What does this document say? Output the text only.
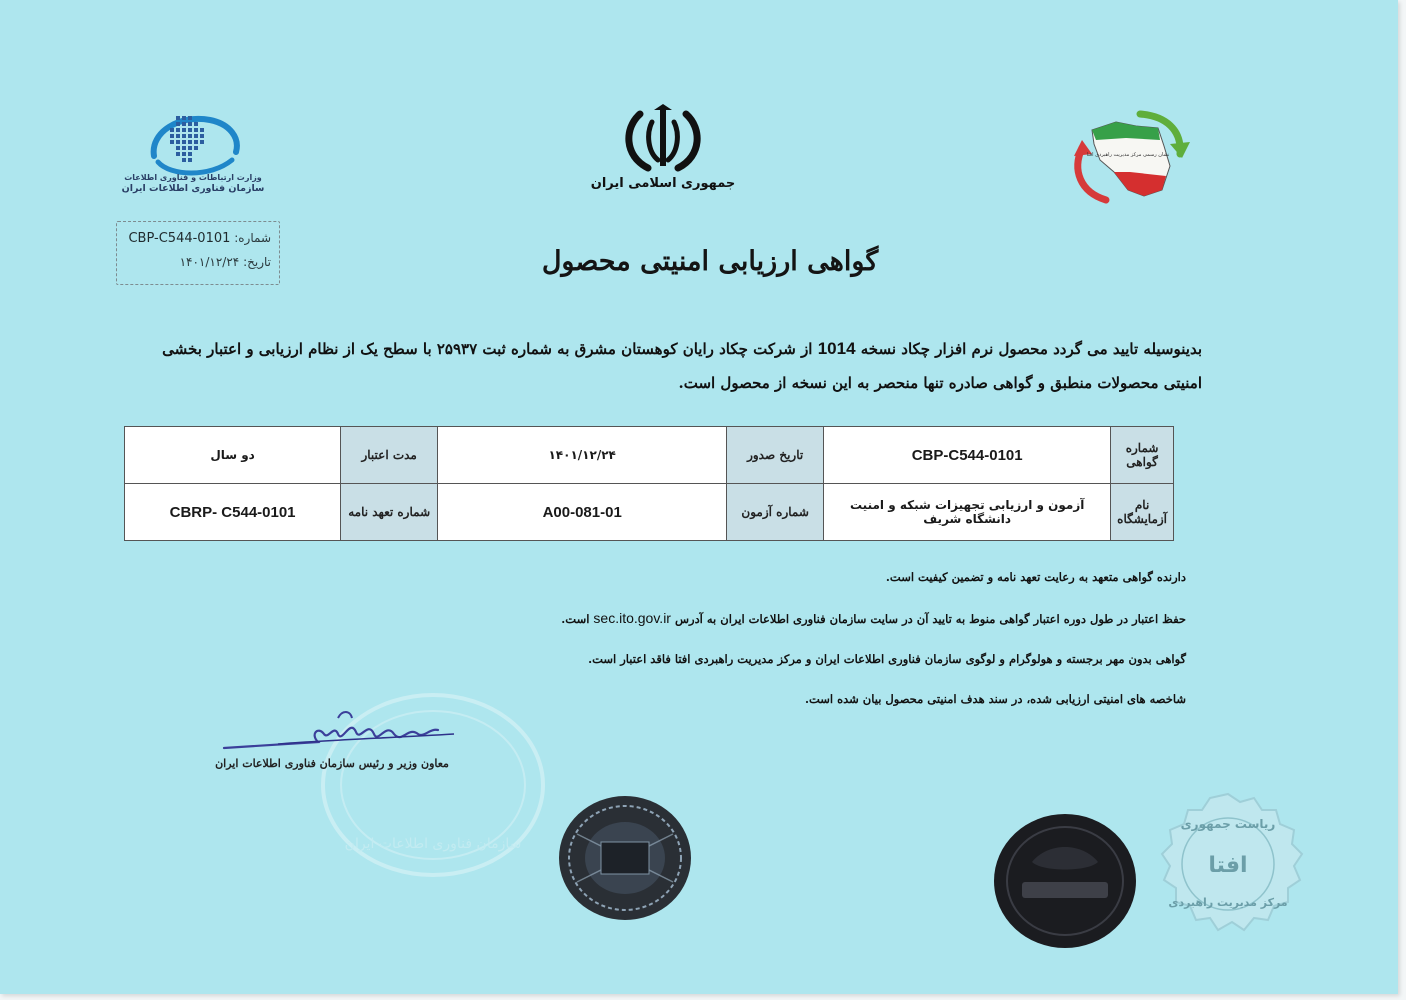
وزارت ارتباطات و فناوری اطلاعات
سازمان فناوری اطلاعات ایران	جمهوری اسلامی ایران
نشان رسمی مرکز مدیریت راهبردی افتا
شماره: CBP-C544-0101
تاریخ: ۱۴۰۱/۱۲/۲۴	گواهی ارزیابی امنیتی محصول
بدینوسیله تایید می گردد محصول نرم افزار چکاد نسخه 1014 از شرکت چکاد رایان کوهستان مشرق به شماره ثبت ۲۵۹۳۷ با سطح یک از نظام ارزیابی و اعتبار بخشی امنیتی محصولات منطبق و گواهی صادره تنها منحصر به این نسخه از محصول است.
شماره گواهی	CBP-C544-0101	تاریخ صدور	۱۴۰۱/۱۲/۲۴	مدت اعتبار	دو سال
نام آزمایشگاه	آزمون و ارزیابی تجهیزات شبکه و امنیت دانشگاه شریف	شماره آزمون	A00-081-01	شماره تعهد نامه	CBRP- C544-0101
دارنده گواهی متعهد به رعایت تعهد نامه و تضمین کیفیت است.
حفظ اعتبار در طول دوره اعتبار گواهی منوط به تایید آن در سایت سازمان فناوری اطلاعات ایران به آدرس sec.ito.gov.ir است.
گواهی بدون مهر برجسته و هولوگرام و لوگوی سازمان فناوری اطلاعات ایران و مرکز مدیریت راهبردی افتا فاقد اعتبار است.
شاخصه های امنیتی ارزیابی شده، در سند هدف امنیتی محصول بیان شده است.
سازمان فناوری اطلاعات ایران
معاون وزیر و رئیس سازمان فناوری اطلاعات ایران
ریاست جمهوری
افتا
مرکز مدیریت راهبردی
